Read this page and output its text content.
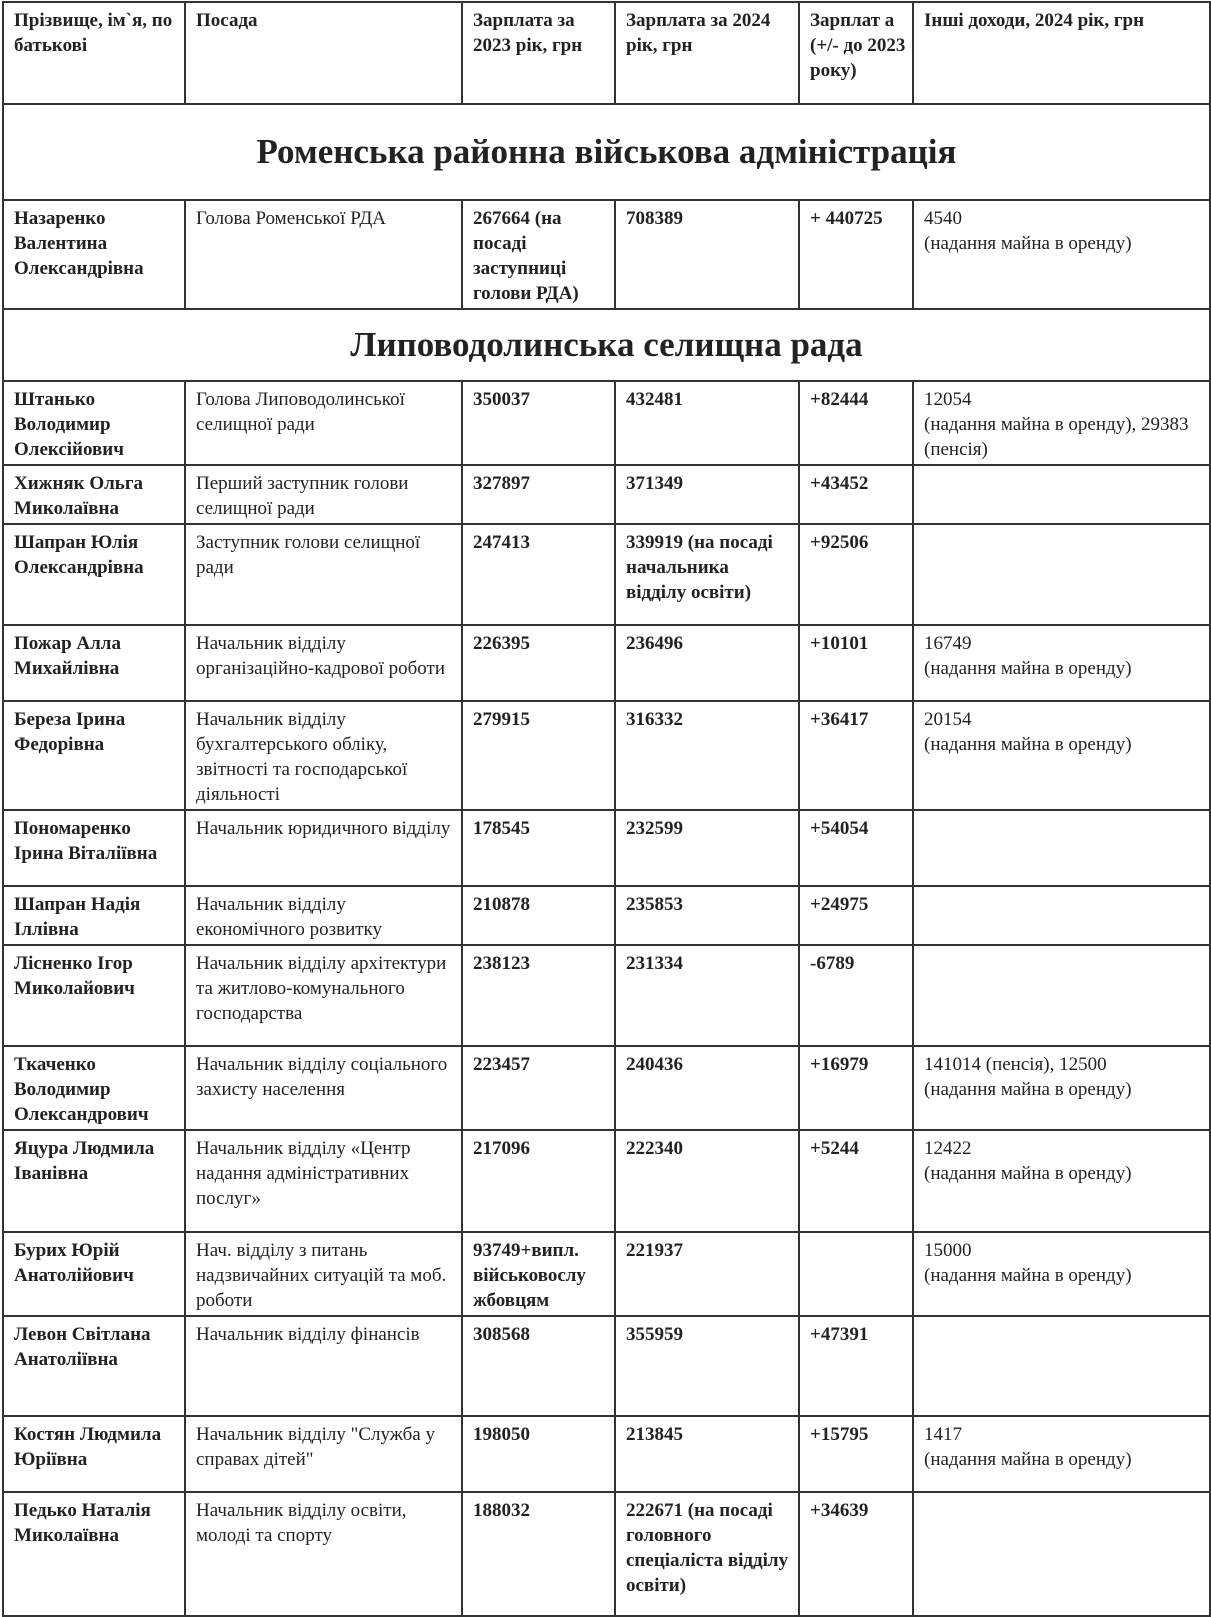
Прізвище, ім`я, по батькові	Посада	Зарплата за 2023 рік, грн	Зарплата за 2024 рік, грн	Зарплат а (+/- до 2023 року)	Інші доходи, 2024 рік, грн
Роменська районна військова адміністрація					
Назаренко Валентина Олександрівна	Голова Роменської РДА	267664 (на посаді заступниці голови РДА)	708389	+ 440725	4540
(надання майна в оренду)
Липоводолинська селищна рада					
Штанько Володимир Олексійович	Голова Липоводолинської селищної ради	350037	432481	+82444	12054
(надання майна в оренду), 29383 (пенсія)
Хижняк Ольга Миколаївна	Перший заступник голови селищної ради	327897	371349	+43452	
Шапран Юлія Олександрівна	Заступник голови селищної ради	247413	339919 (на посаді начальника відділу освіти)	+92506	
Пожар Алла Михайлівна	Начальник відділу організаційно-кадрової роботи	226395	236496	+10101	16749
(надання майна в оренду)
Береза Ірина Федорівна	Начальник відділу бухгалтерського обліку, звітності та господарської діяльності	279915	316332	+36417	20154
(надання майна в оренду)
Пономаренко Ірина Віталіївна	Начальник юридичного відділу	178545	232599	+54054	
Шапран Надія Іллівна	Начальник відділу економічного розвитку	210878	235853	+24975	
Лісненко Ігор Миколайович	Начальник відділу архітектури та житлово-комунального господарства	238123	231334	-6789	
Ткаченко Володимир Олександрович	Начальник відділу соціального захисту населення	223457	240436	+16979	141014 (пенсія), 12500
(надання майна в оренду)
Яцура Людмила Іванівна	Начальник відділу «Центр надання адміністративних послуг»	217096	222340	+5244	12422
(надання майна в оренду)
Бурих Юрій Анатолійович	Нач. відділу з питань надзвичайних ситуацій та моб. роботи	93749+випл. військовослу жбовцям	221937		15000
(надання майна в оренду)
Левон Світлана Анатоліївна	Начальник відділу фінансів	308568	355959	+47391	
Костян Людмила Юріївна	Начальник відділу "Служба у справах дітей"	198050	213845	+15795	1417
(надання майна в оренду)
Педько Наталія Миколаївна	Начальник відділу освіти, молоді та спорту	188032	222671 (на посаді головного спеціаліста відділу освіти)	+34639	
